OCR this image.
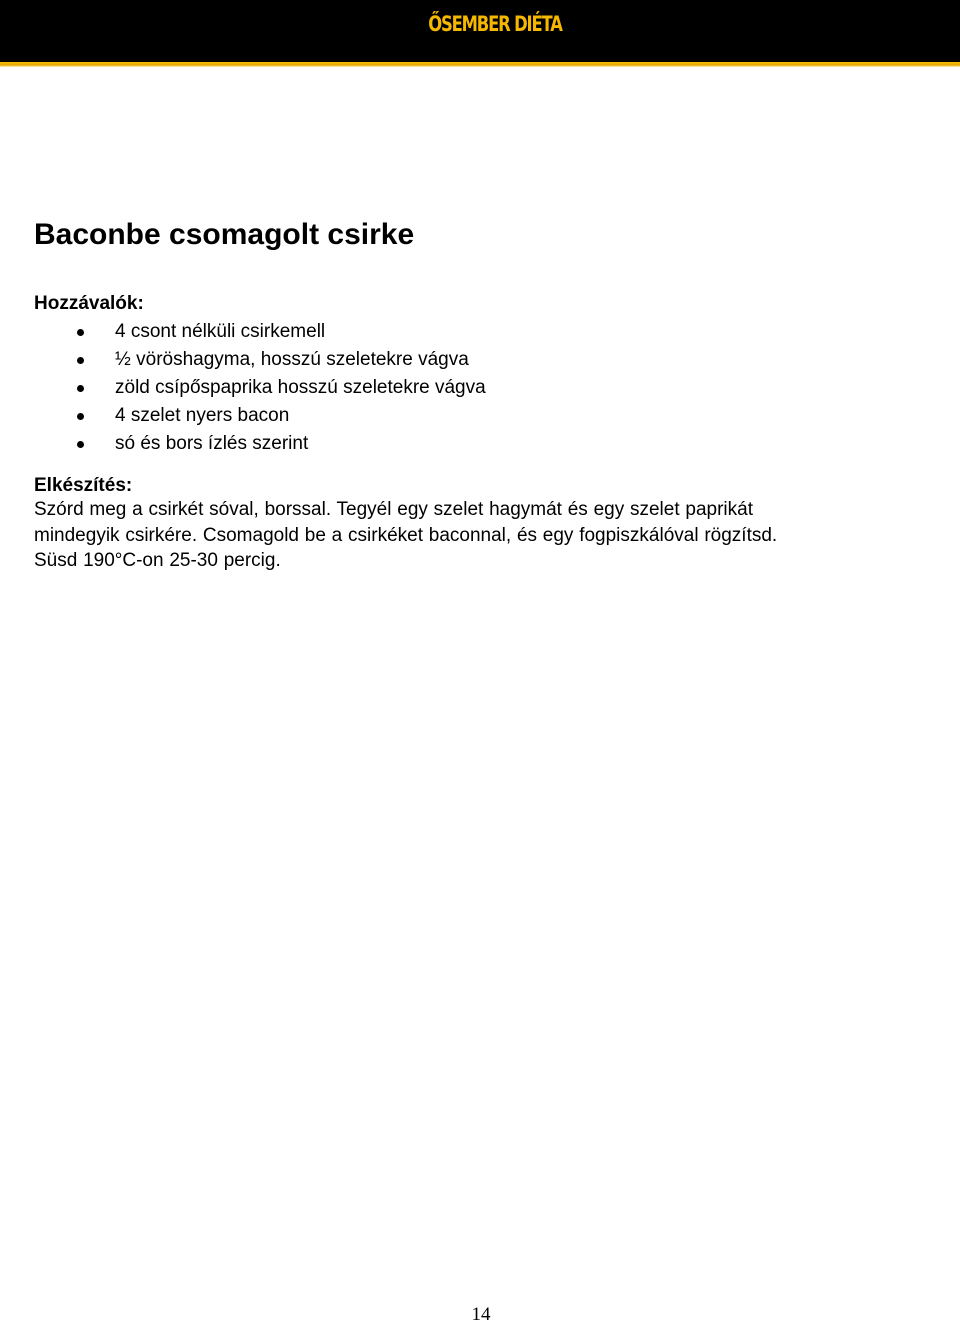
ŐSEMBER DIÉTA
Baconbe csomagolt csirke
Hozzávalók:
4 csont nélküli csirkemell
½ vöröshagyma, hosszú szeletekre vágva
zöld csípőspaprika hosszú szeletekre vágva
4 szelet nyers bacon
só és bors ízlés szerint
Elkészítés:

Szórd meg a csirkét sóval, borssal. Tegyél egy szelet hagymát és egy szelet paprikát
mindegyik csirkére. Csomagold be a csirkéket baconnal, és egy fogpiszkálóval rögzítsd.
Süsd 190°C-on 25-30 percig.

14
